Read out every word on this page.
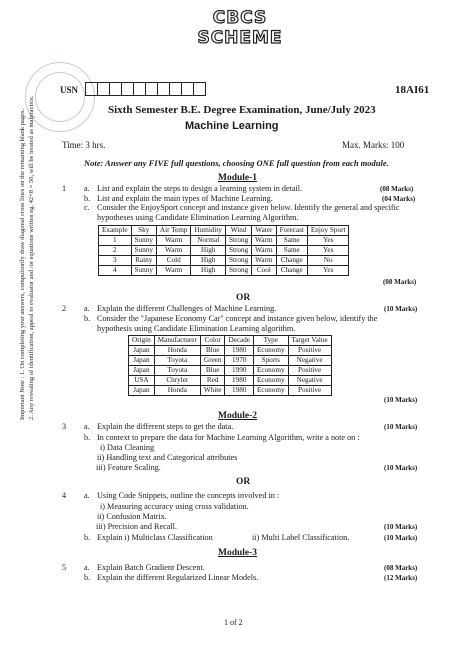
CBCS SCHEME
USN	18AI61
Sixth Semester B.E. Degree Examination, June/July 2023
Machine Learning
Time: 3 hrs.	Max. Marks: 100
Note: Answer any FIVE full questions, choosing ONE full question from each module.
Important Note : 1. On completing your answers, compulsorily draw diagonal cross lines on the remaining blank pages. 2. Any revealing of identification, appeal to evaluator and /or equations written eg. 42+8 = 50, will be treated as malpractice.	Module-1
1 a. List and explain the steps to design a learning system in detail.	(08 Marks)
b. List and explain the main types of Machine Learning.	(04 Marks)
c. Consider the EnjoySport concept and instance given below. Identify the general and specific
hypotheses using Candidate Elimination Learning Algorithm.
Example	Sky	Air Temp	Humidity	Wind	Water	Forecast	Enjoy Sport
1	Sunny	Warm	Normal	Strong	Warm	Same	Yes
2	Sunny	Warm	High	Strong	Warm	Same	Yes
3	Rainy	Cold	High	Strong	Warm	Change	No
4	Sunny	Warm	High	Strong	Cool	Change	Yes
(08 Marks)
OR
2 a. Explain the different Challenges of Machine Learning.	(10 Marks)
b. Consider the "Japanese Economy Car" concept and instance given below, identify the
hypothesis using Candidate Elimination Learning algorithm.
Origin	Manufacturer	Color	Decade	Type	Target Value
Japan	Honda	Blue	1980	Economy	Positive
Japan	Toyota	Green	1970	Sports	Negative
Japan	Toyota	Blue	1990	Economy	Positive
USA	Chryler	Red	1980	Economy	Negative
Japan	Honda	White	1980	Economy	Positive
(10 Marks)
Module-2
3 a. Explain the different steps to get the data.	(10 Marks)
b. In context to prepare the data for Machine Learning Algorithm, write a note on :
i) Data Cleaning
ii) Handling text and Categorical attributes
iii) Feature Scaling.	(10 Marks)
OR
4 a. Using Code Snippets, outline the concepts involved in :
i) Measuring accuracy using cross validation.
ii) Confusion Matrix.
iii) Precision and Recall.	(10 Marks)
b. Explain i) Multiclass Classification	ii) Multi Label Classification.	(10 Marks)
Module-3
5 a. Explain Batch Gradient Descent.	(08 Marks)
b. Explain the different Regularized Linear Models.	(12 Marks)
1 of 2
